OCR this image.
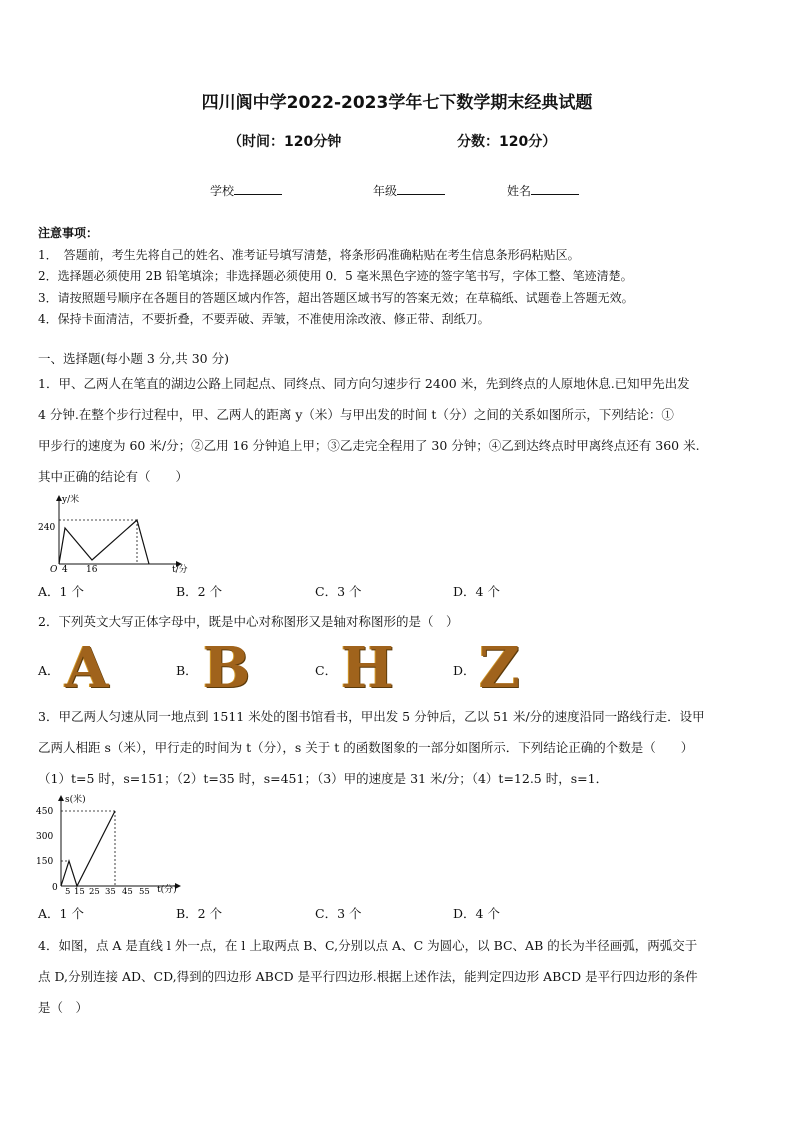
四川阆中学2022-2023学年七下数学期末经典试题
（时间：120分钟	分数：120分）
学校	年级	姓名
注意事项：
1．　答题前，考生先将自己的姓名、准考证号填写清楚，将条形码准确粘贴在考生信息条形码粘贴区。
2．选择题必须使用 2B 铅笔填涂；非选择题必须使用 0．5 毫米黑色字迹的签字笔书写，字体工整、笔迹清楚。
3．请按照题号顺序在各题目的答题区域内作答，超出答题区域书写的答案无效；在草稿纸、试题卷上答题无效。
4．保持卡面清洁，不要折叠，不要弄破、弄皱，不准使用涂改液、修正带、刮纸刀。
一、选择题(每小题 3 分,共 30 分)
1．甲、乙两人在笔直的湖边公路上同起点、同终点、同方向匀速步行 2400 米，先到终点的人原地休息.已知甲先出发
4 分钟.在整个步行过程中，甲、乙两人的距离 y（米）与甲出发的时间 t（分）之间的关系如图所示，下列结论：①
甲步行的速度为 60 米/分；②乙用 16 分钟追上甲；③乙走完全程用了 30 分钟；④乙到达终点时甲离终点还有 360 米.
其中正确的结论有（　　）
y/米
240
O 4 16	t/分
A．1 个	B．2 个	C．3 个	D．4 个
2．下列英文大写正体字母中，既是中心对称图形又是轴对称图形的是（　）
A． A	B． B	C． H	D． Z
3．甲乙两人匀速从同一地点到 1511 米处的图书馆看书，甲出发 5 分钟后，乙以 51 米/分的速度沿同一路线行走．设甲
乙两人相距 s（米），甲行走的时间为 t（分），s 关于 t 的函数图象的一部分如图所示．下列结论正确的个数是（　　）
（1）t=5 时，s=151；（2）t=35 时，s=451；（3）甲的速度是 31 米/分；（4）t=12.5 时，s=1．
s(米)
450
300
150
0 5 15 25 35 45 55 t(分)
A．1 个	B．2 个	C．3 个	D．4 个
4．如图，点 A 是直线 l 外一点，在 l 上取两点 B、C,分别以点 A、C 为圆心，以 BC、AB 的长为半径画弧，两弧交于
点 D,分别连接 AD、CD,得到的四边形 ABCD 是平行四边形.根据上述作法，能判定四边形 ABCD 是平行四边形的条件
是（　）
